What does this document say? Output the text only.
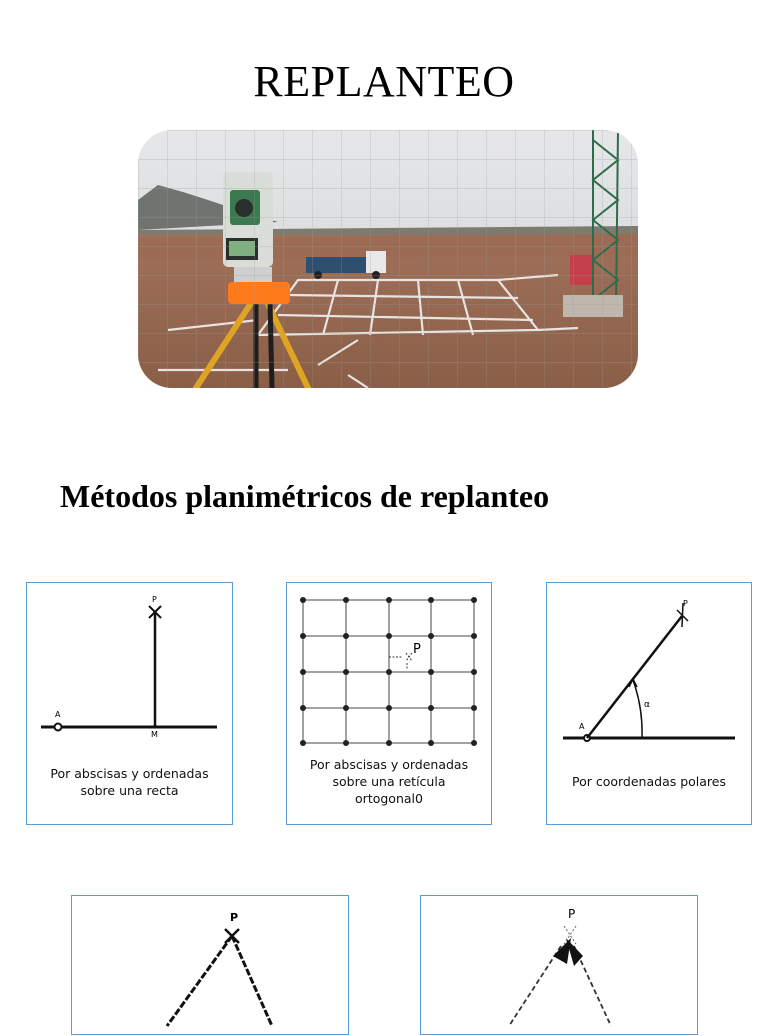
REPLANTEO
Métodos planimétricos de replanteo
P
A
M
Por abscisas y ordenadas
sobre una recta
P
Por abscisas y ordenadas
sobre una retícula
ortogonal0
P
A
α
Por coordenadas polares
P	P
